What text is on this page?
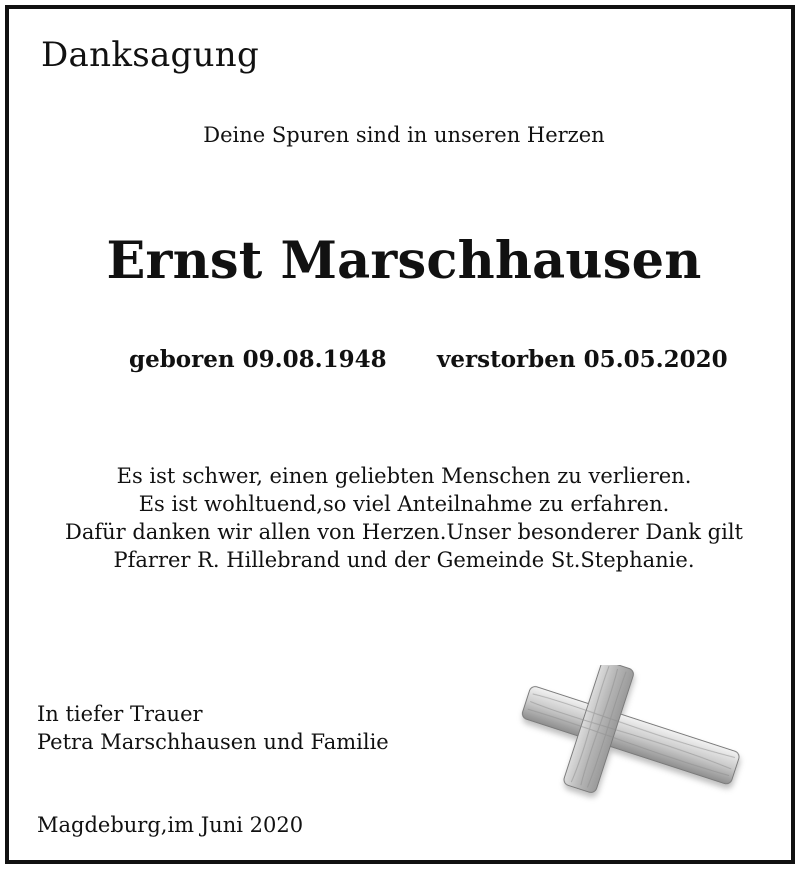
Danksagung
Deine Spuren sind in unseren Herzen
Ernst Marschhausen
geboren 09.08.1948 verstorben 05.05.2020
Es ist schwer, einen geliebten Menschen zu verlieren.
Es ist wohltuend,so viel Anteilnahme zu erfahren.
Dafür danken wir allen von Herzen.Unser besonderer Dank gilt
Pfarrer R. Hillebrand und der Gemeinde St.Stephanie.
In tiefer Trauer
Petra Marschhausen und Familie
Magdeburg,im Juni 2020
